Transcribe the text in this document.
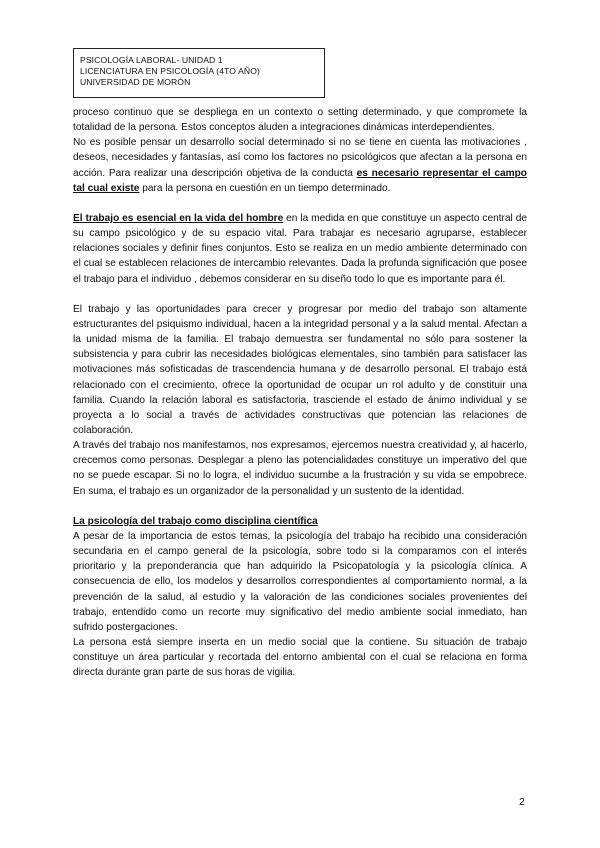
PSICOLOGÍA LABORAL- UNIDAD 1
LICENCIATURA EN PSICOLOGÍA (4TO AÑO)
UNIVERSIDAD DE MORÓN

proceso continuo que se despliega en un contexto o setting determinado, y que compromete la totalidad de la persona. Estos conceptos aluden a integraciones dinámicas interdependientes.

No es posible pensar un desarrollo social determinado si no se tiene en cuenta las motivaciones , deseos, necesidades y fantasías, así como los factores no psicológicos que afectan a la persona en acción. Para realizar una descripción objetiva de la conducta es necesario representar el campo tal cual existe para la persona en cuestión en un tiempo determinado.

El trabajo es esencial en la vida del hombre en la medida en que constituye un aspecto central de su campo psicológico y de su espacio vital. Para trabajar es necesario agruparse, establecer relaciones sociales y definir fines conjuntos. Esto se realiza en un medio ambiente determinado con el cual se establecen relaciones de intercambio relevantes. Dada la profunda significación que posee el trabajo para el individuo , debemos considerar en su diseño todo lo que es importante para él.

El trabajo y las oportunidades para crecer y progresar por medio del trabajo son altamente estructurantes del psiquismo individual, hacen a la integridad personal y a la salud mental. Afectan a la unidad misma de la familia. El trabajo demuestra ser fundamental no sólo para sostener la subsistencia y para cubrir las necesidades biológicas elementales, sino también para satisfacer las motivaciones más sofisticadas de trascendencia humana y de desarrollo personal. El trabajo está relacionado con el crecimiento, ofrece la oportunidad de ocupar un rol adulto y de constituir una familia. Cuando la relación laboral es satisfactoria, trasciende el estado de ánimo individual y se proyecta a lo social a través de actividades constructivas que potencian las relaciones de colaboración.

A través del trabajo nos manifestamos, nos expresamos, ejercemos nuestra creatividad y, al hacerlo, crecemos como personas. Desplegar a pleno las potencialidades constituye un imperativo del que no se puede escapar. Si no lo logra, el individuo sucumbe a la frustración y su vida se empobrece. En suma, el trabajo es un organizador de la personalidad y un sustento de la identidad.

La psicología del trabajo como disciplina científica

A pesar de la importancia de estos temas, la psicología del trabajo ha recibido una consideración secundaria en el campo general de la psicología, sobre todo si la comparamos con el interés prioritario y la preponderancia que han adquirido la Psicopatología y la psicología clínica. A consecuencia de ello, los modelos y desarrollos correspondientes al comportamiento normal, a la prevención de la salud, al estudio y la valoración de las condiciones sociales provenientes del trabajo, entendido como un recorte muy significativo del medio ambiente social inmediato, han sufrido postergaciones.

La persona está siempre inserta en un medio social que la contiene. Su situación de trabajo constituye un área particular y recortada del entorno ambiental con el cual se relaciona en forma directa durante gran parte de sus horas de vigilia.

2
